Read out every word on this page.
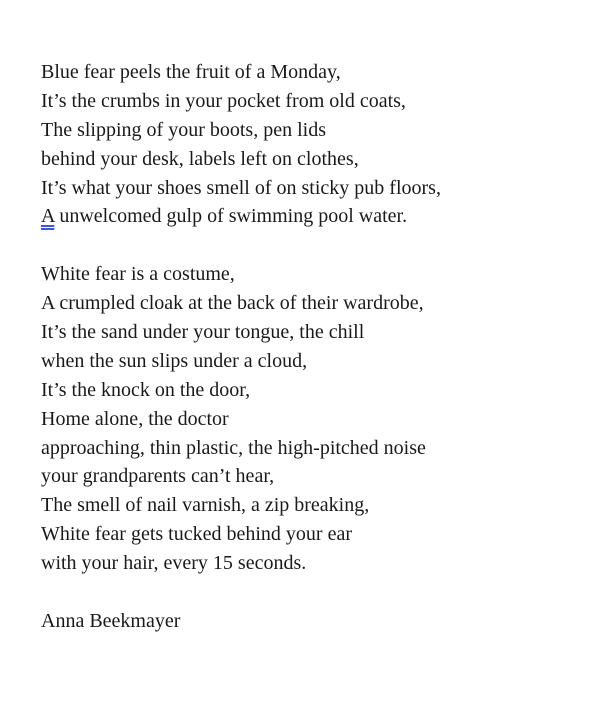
Blue fear peels the fruit of a Monday,
It’s the crumbs in your pocket from old coats,
The slipping of your boots, pen lids
behind your desk, labels left on clothes,
It’s what your shoes smell of on sticky pub floors,
A unwelcomed gulp of swimming pool water.
White fear is a costume,
A crumpled cloak at the back of their wardrobe,
It’s the sand under your tongue, the chill
when the sun slips under a cloud,
It’s the knock on the door,
Home alone, the doctor
approaching, thin plastic, the high-pitched noise
your grandparents can’t hear,
The smell of nail varnish, a zip breaking,
White fear gets tucked behind your ear
with your hair, every 15 seconds.
Anna Beekmayer
